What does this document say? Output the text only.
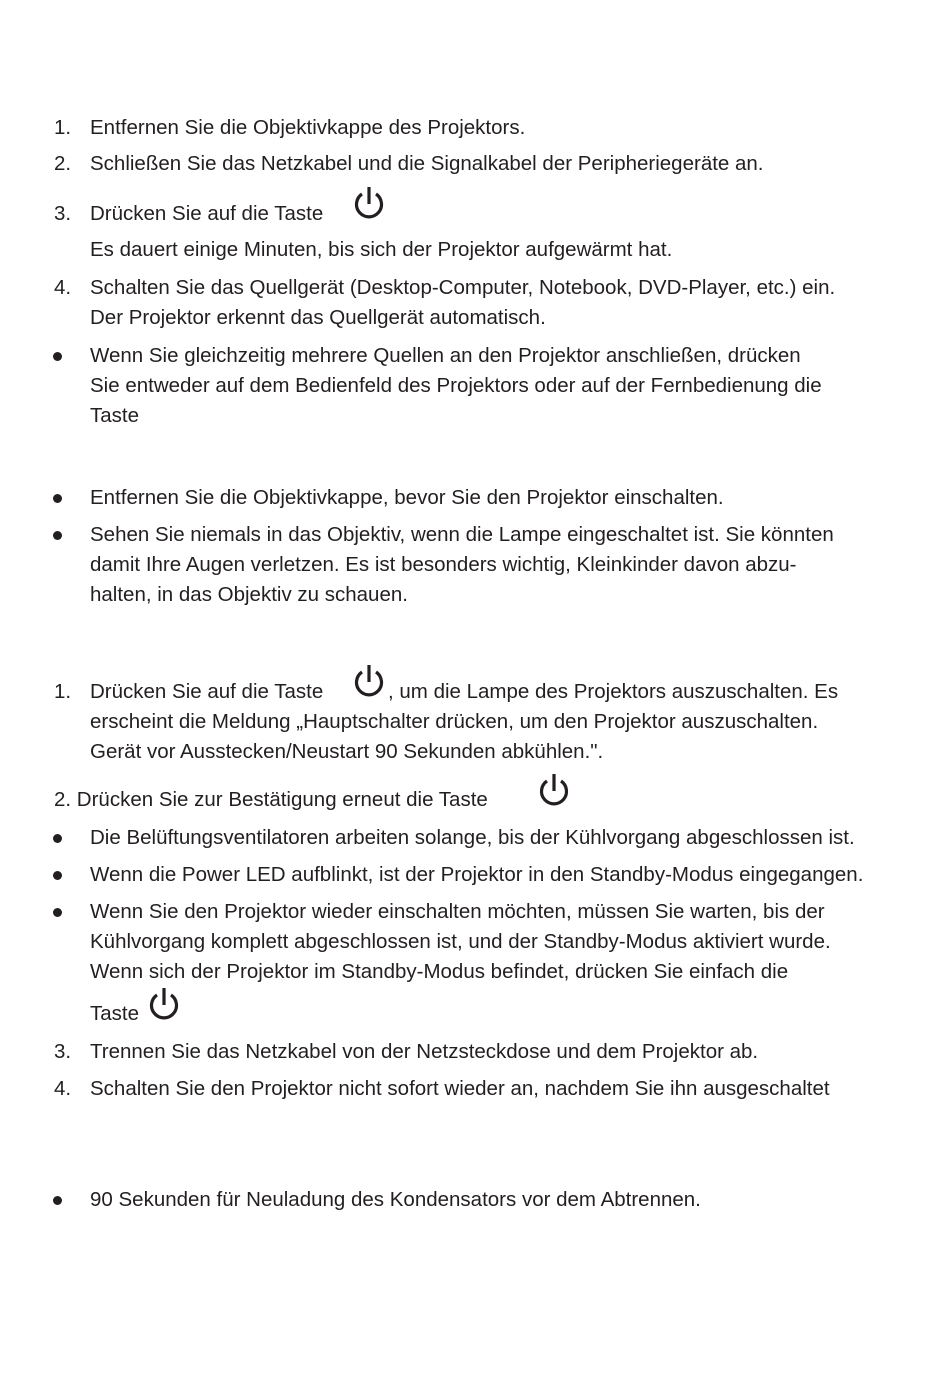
1. Entfernen Sie die Objektivkappe des Projektors.
2. Schließen Sie das Netzkabel und die Signalkabel der Peripheriegeräte an.
3. Drücken Sie auf die Taste
Es dauert einige Minuten, bis sich der Projektor aufgewärmt hat.
4. Schalten Sie das Quellgerät (Desktop-Computer, Notebook, DVD-Player, etc.) ein.
Der Projektor erkennt das Quellgerät automatisch.
Wenn Sie gleichzeitig mehrere Quellen an den Projektor anschließen, drücken
Sie entweder auf dem Bedienfeld des Projektors oder auf der Fernbedienung die
Taste
Entfernen Sie die Objektivkappe, bevor Sie den Projektor einschalten.
Sehen Sie niemals in das Objektiv, wenn die Lampe eingeschaltet ist. Sie könnten
damit Ihre Augen verletzen. Es ist besonders wichtig, Kleinkinder davon abzu-
halten, in das Objektiv zu schauen.
1. Drücken Sie auf die Taste	, um die Lampe des Projektors auszuschalten. Es
erscheint die Meldung „Hauptschalter drücken, um den Projektor auszuschalten.
Gerät vor Ausstecken/Neustart 90 Sekunden abkühlen.".
2. Drücken Sie zur Bestätigung erneut die Taste
Die Belüftungsventilatoren arbeiten solange, bis der Kühlvorgang abgeschlossen ist.
Wenn die Power LED aufblinkt, ist der Projektor in den Standby-Modus eingegangen.
Wenn Sie den Projektor wieder einschalten möchten, müssen Sie warten, bis der
Kühlvorgang komplett abgeschlossen ist, und der Standby-Modus aktiviert wurde.
Wenn sich der Projektor im Standby-Modus befindet, drücken Sie einfach die
Taste
3. Trennen Sie das Netzkabel von der Netzsteckdose und dem Projektor ab.
4. Schalten Sie den Projektor nicht sofort wieder an, nachdem Sie ihn ausgeschaltet
90 Sekunden für Neuladung des Kondensators vor dem Abtrennen.
